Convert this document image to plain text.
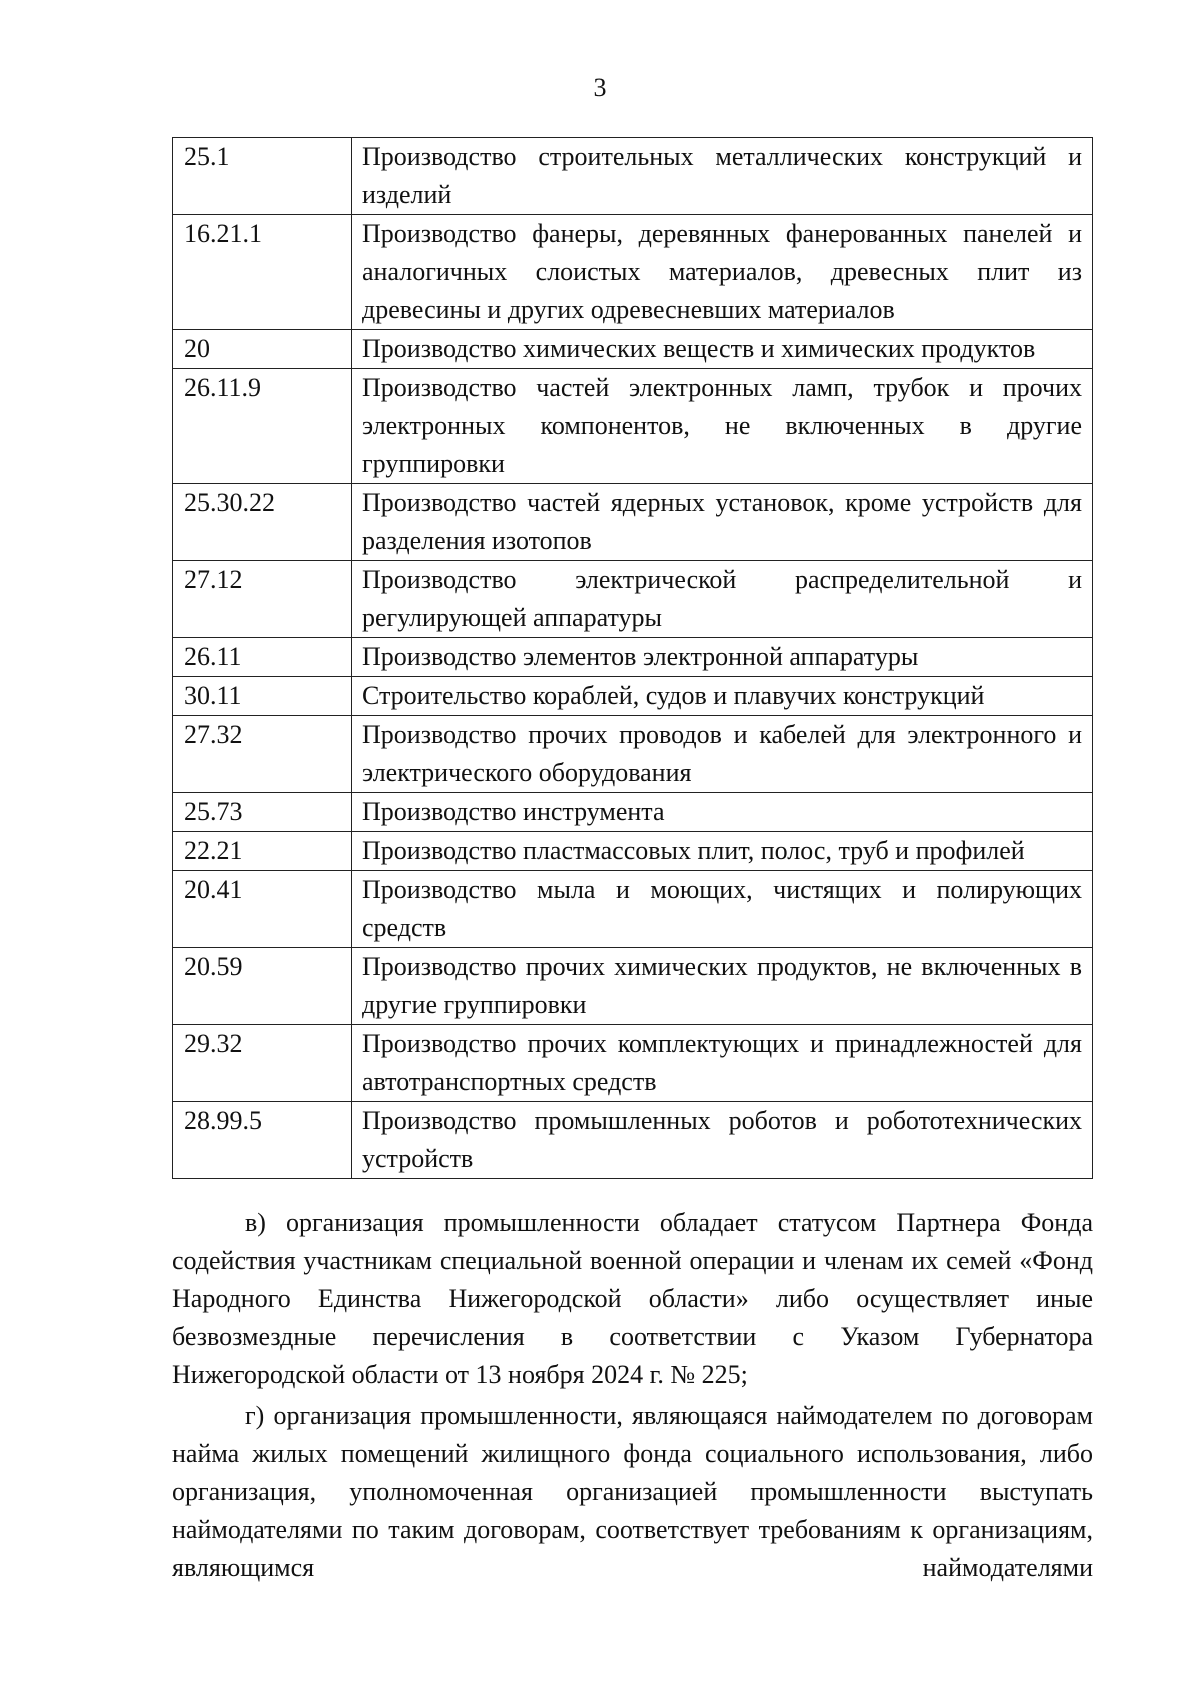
3
25.1	Производство строительных металлических конструкций и изделий
16.21.1	Производство фанеры, деревянных фанерованных панелей и аналогичных слоистых материалов, древесных плит из древесины и других одревесневших материалов
20	Производство химических веществ и химических продуктов
26.11.9	Производство частей электронных ламп, трубок и прочих электронных компонентов, не включенных в другие группировки
25.30.22	Производство частей ядерных установок, кроме устройств для разделения изотопов
27.12	Производство электрической распределительной и регулирующей аппаратуры
26.11	Производство элементов электронной аппаратуры
30.11	Строительство кораблей, судов и плавучих конструкций
27.32	Производство прочих проводов и кабелей для электронного и электрического оборудования
25.73	Производство инструмента
22.21	Производство пластмассовых плит, полос, труб и профилей
20.41	Производство мыла и моющих, чистящих и полирующих средств
20.59	Производство прочих химических продуктов, не включенных в другие группировки
29.32	Производство прочих комплектующих и принадлежностей для автотранспортных средств
28.99.5	Производство промышленных роботов и робототехнических устройств

в) организация промышленности обладает статусом Партнера Фонда содействия участникам специальной военной операции и членам их семей «Фонд Народного Единства Нижегородской области» либо осуществляет иные безвозмездные перечисления в соответствии с Указом Губернатора Нижегородской области от 13 ноября 2024 г. № 225;

г) организация промышленности, являющаяся наймодателем по договорам найма жилых помещений жилищного фонда социального использования, либо организация, уполномоченная организацией промышленности выступать наймодателями по таким договорам, соответствует требованиям к организациям, являющимся наймодателями
